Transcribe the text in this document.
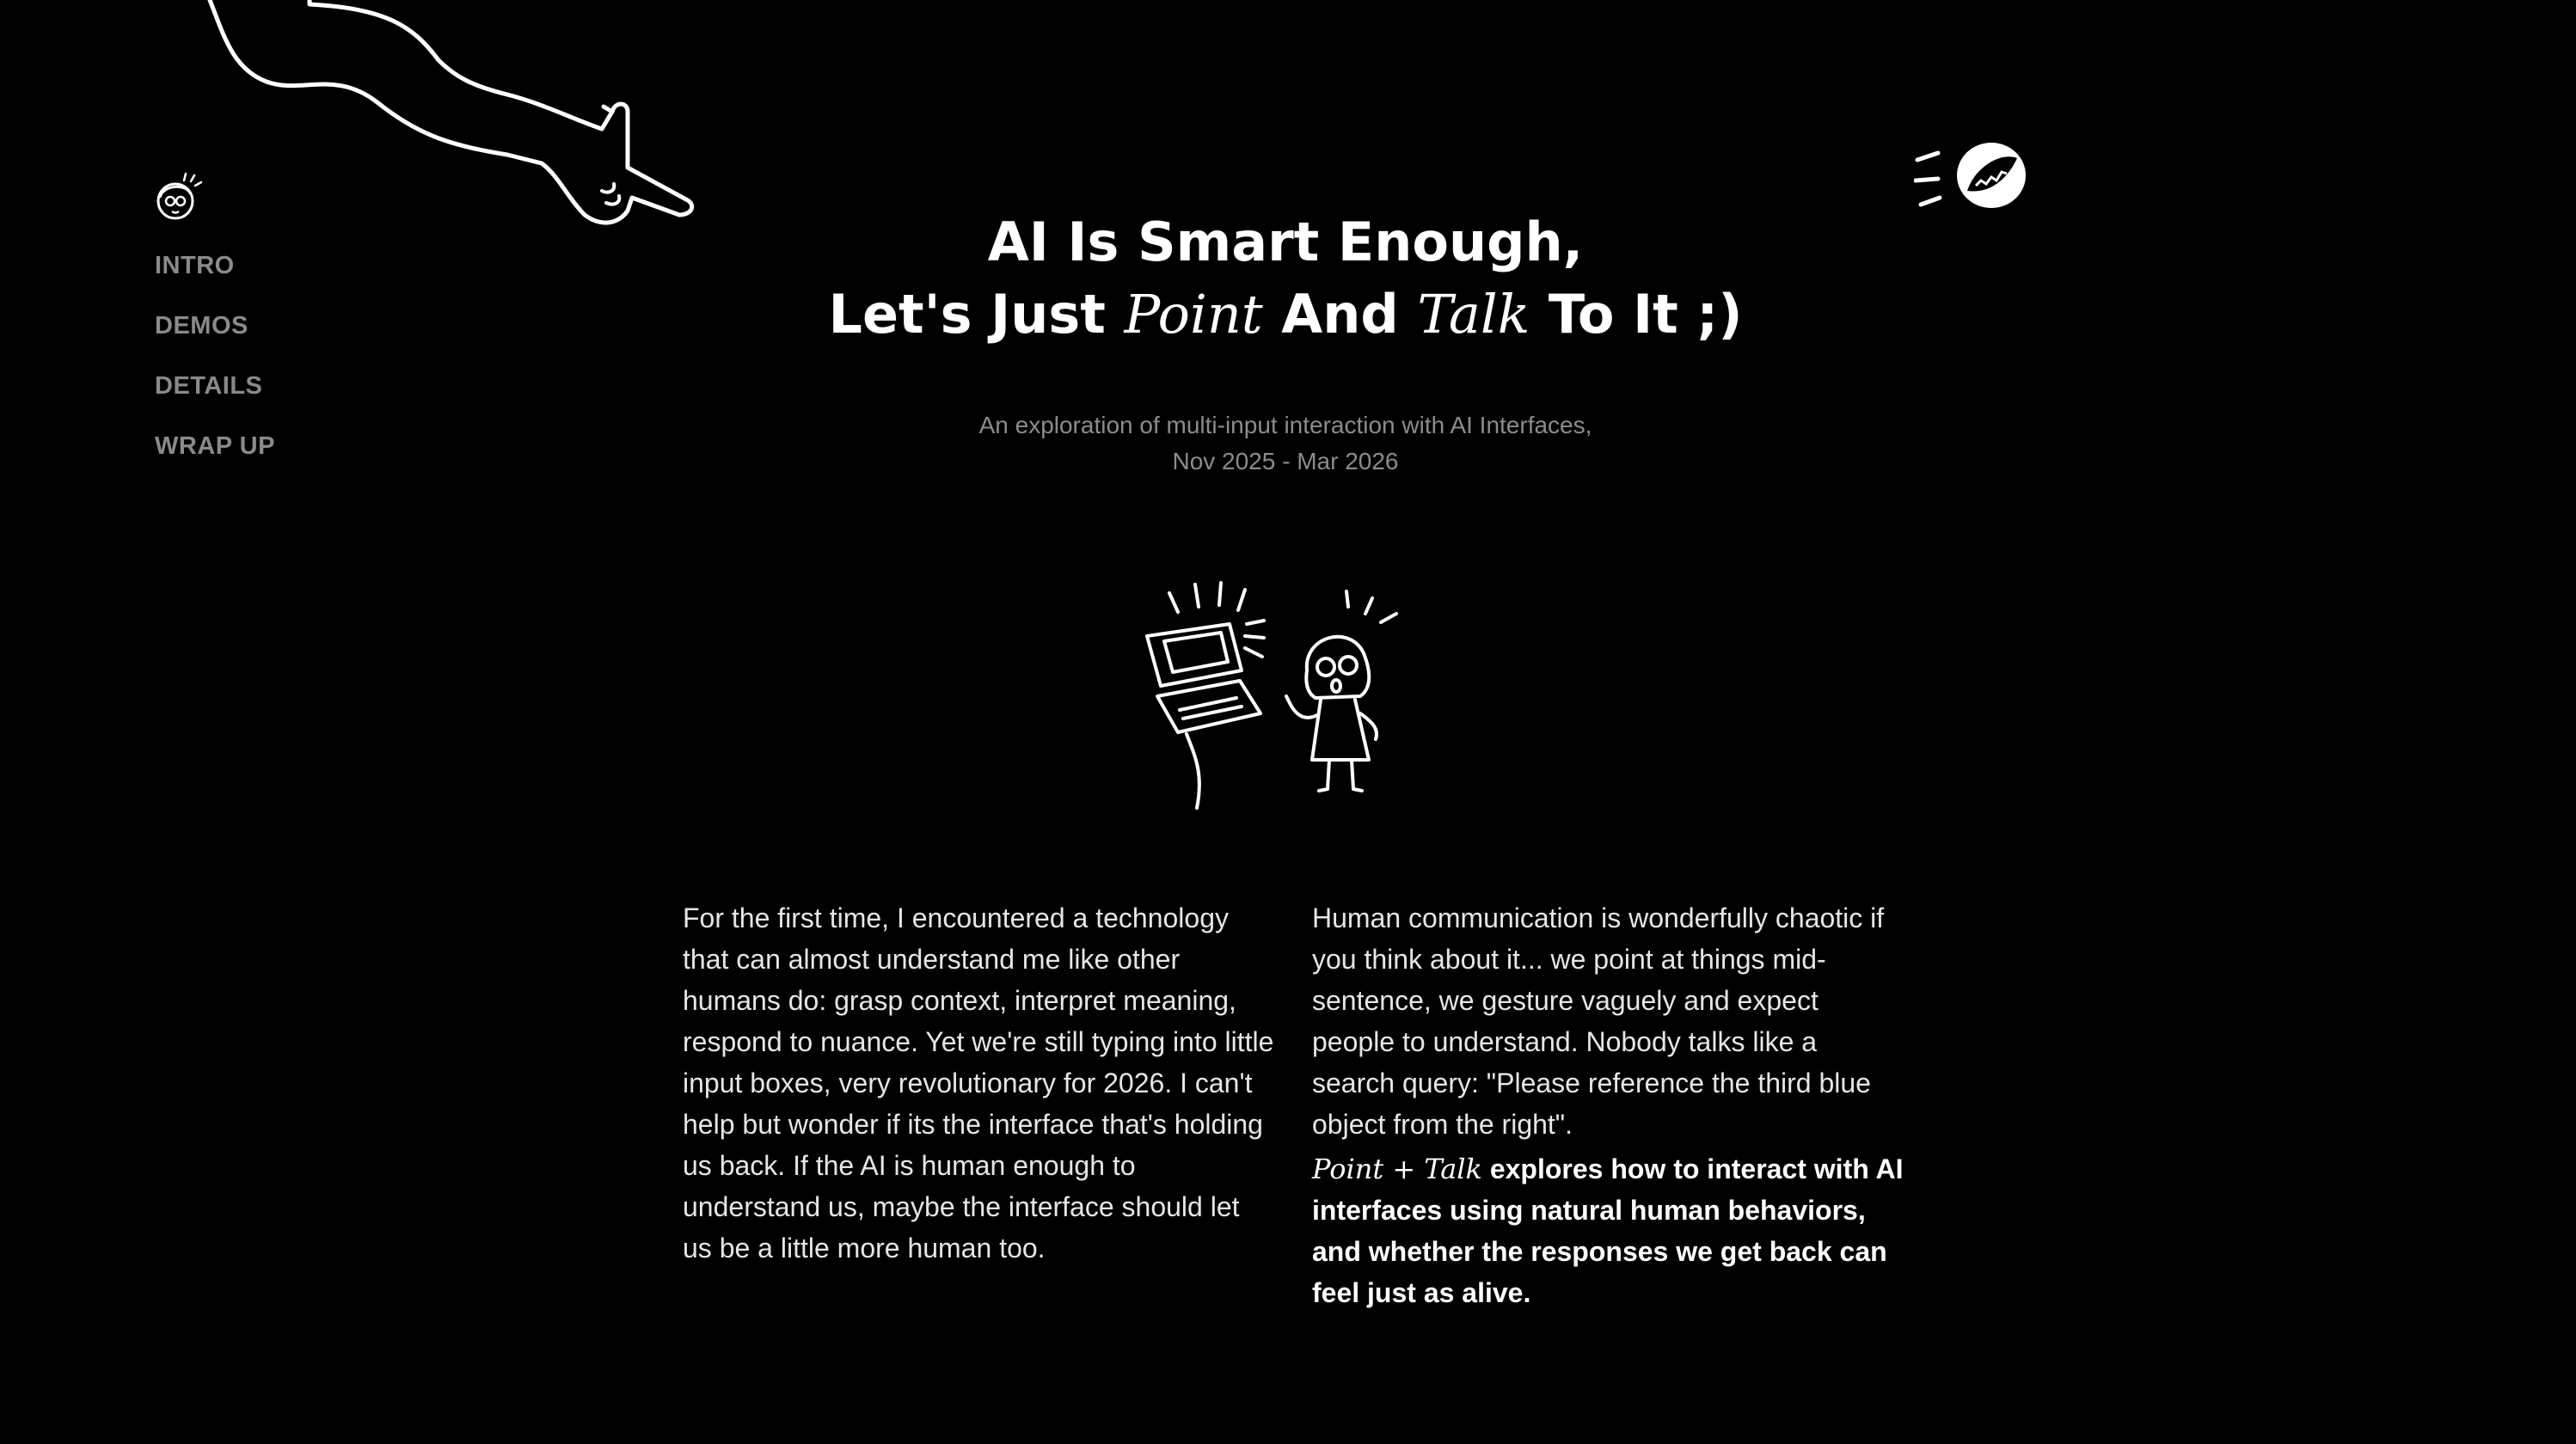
INTRO
DEMOS
DETAILS
WRAP UP
AI Is Smart Enough,
Let's Just Point And Talk To It ;)
An exploration of multi-input interaction with AI Interfaces,
Nov 2025 - Mar 2026
For the first time, I encountered a technology that can almost understand me like other humans do: grasp context, interpret meaning, respond to nuance. Yet we're still typing into little input boxes, very revolutionary for 2026. I can't help but wonder if its the interface that's holding us back. If the AI is human enough to understand us, maybe the interface should let us be a little more human too.
Human communication is wonderfully chaotic if you think about it... we point at things mid-sentence, we gesture vaguely and expect people to understand. Nobody talks like a search query: "Please reference the third blue object from the right".
Point + Talk explores how to interact with AI interfaces using natural human behaviors, and whether the responses we get back can feel just as alive.
